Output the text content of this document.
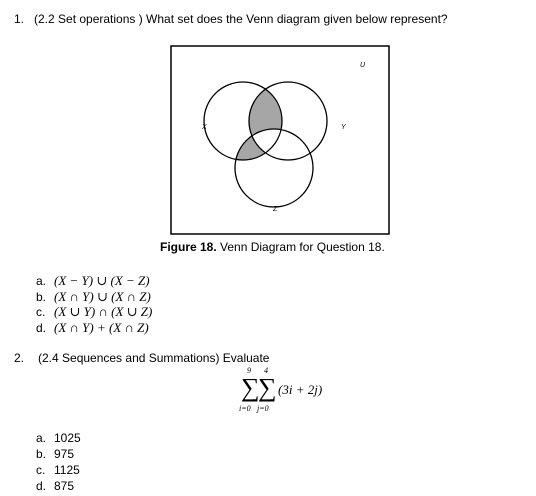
1. (2.2 Set operations ) What set does the Venn diagram given below represent?
U
X	Y
Z
Figure 18. Venn Diagram for Question 18.
a. (X − Y) ∪ (X − Z)
b. (X ∩ Y) ∪ (X ∩ Z)
c. (X ∪ Y) ∩ (X ∪ Z)
d. (X ∩ Y) + (X ∩ Z)
2. (2.4 Sequences and Summations) Evaluate
9 4
∑
∑
i=0 j=0
(3i + 2j)
a. 1025
b. 975
c. 1125
d. 875
